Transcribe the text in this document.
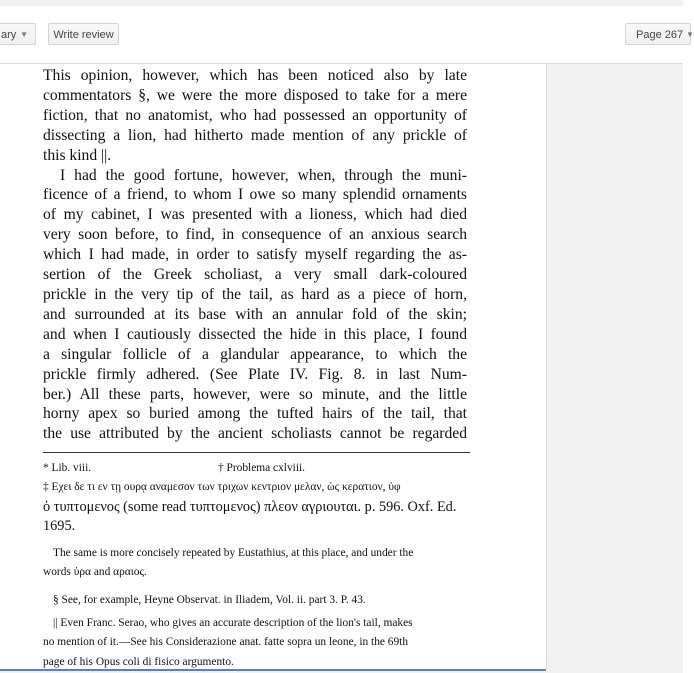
ary ▼	Write review	Page 267 ▼
This opinion, however, which has been noticed also by late
commentators §, we were the more disposed to take for a mere
fiction, that no anatomist, who had possessed an opportunity of
dissecting a lion, had hitherto made mention of any prickle of
this kind ||.
I had the good fortune, however, when, through the muni-
ficence of a friend, to whom I owe so many splendid ornaments
of my cabinet, I was presented with a lioness, which had died
very soon before, to find, in consequence of an anxious search
which I had made, in order to satisfy myself regarding the as-
sertion of the Greek scholiast, a very small dark-coloured
prickle in the very tip of the tail, as hard as a piece of horn,
and surrounded at its base with an annular fold of the skin;
and when I cautiously dissected the hide in this place, I found
a singular follicle of a glandular appearance, to which the
prickle firmly adhered. (See Plate IV. Fig. 8. in last Num-
ber.) All these parts, however, were so minute, and the little
horny apex so buried among the tufted hairs of the tail, that
the use attributed by the ancient scholiasts cannot be regarded
* Lib. viii.	† Problema cxlviii.
‡ Εχει δε τι εν τῃ ουρᾳ αναμεσον των τριχων κεντριον μελαν, ὡς κερατιον, ὑφ
ὁ τυπτομενος (some read τυπτομενος) πλεον αγριουται. p. 596. Oxf. Ed.
1695.
The same is more concisely repeated by Eustathius, at this place, and under the
words ὑρα and αραιος.
§ See, for example, Heyne Observat. in Iliadem, Vol. ii. part 3. P. 43.
|| Even Franc. Serao, who gives an accurate description of the lion's tail, makes
no mention of it.—See his Considerazione anat. fatte sopra un leone, in the 69th
page of his Opus coli di fisico argumento.
